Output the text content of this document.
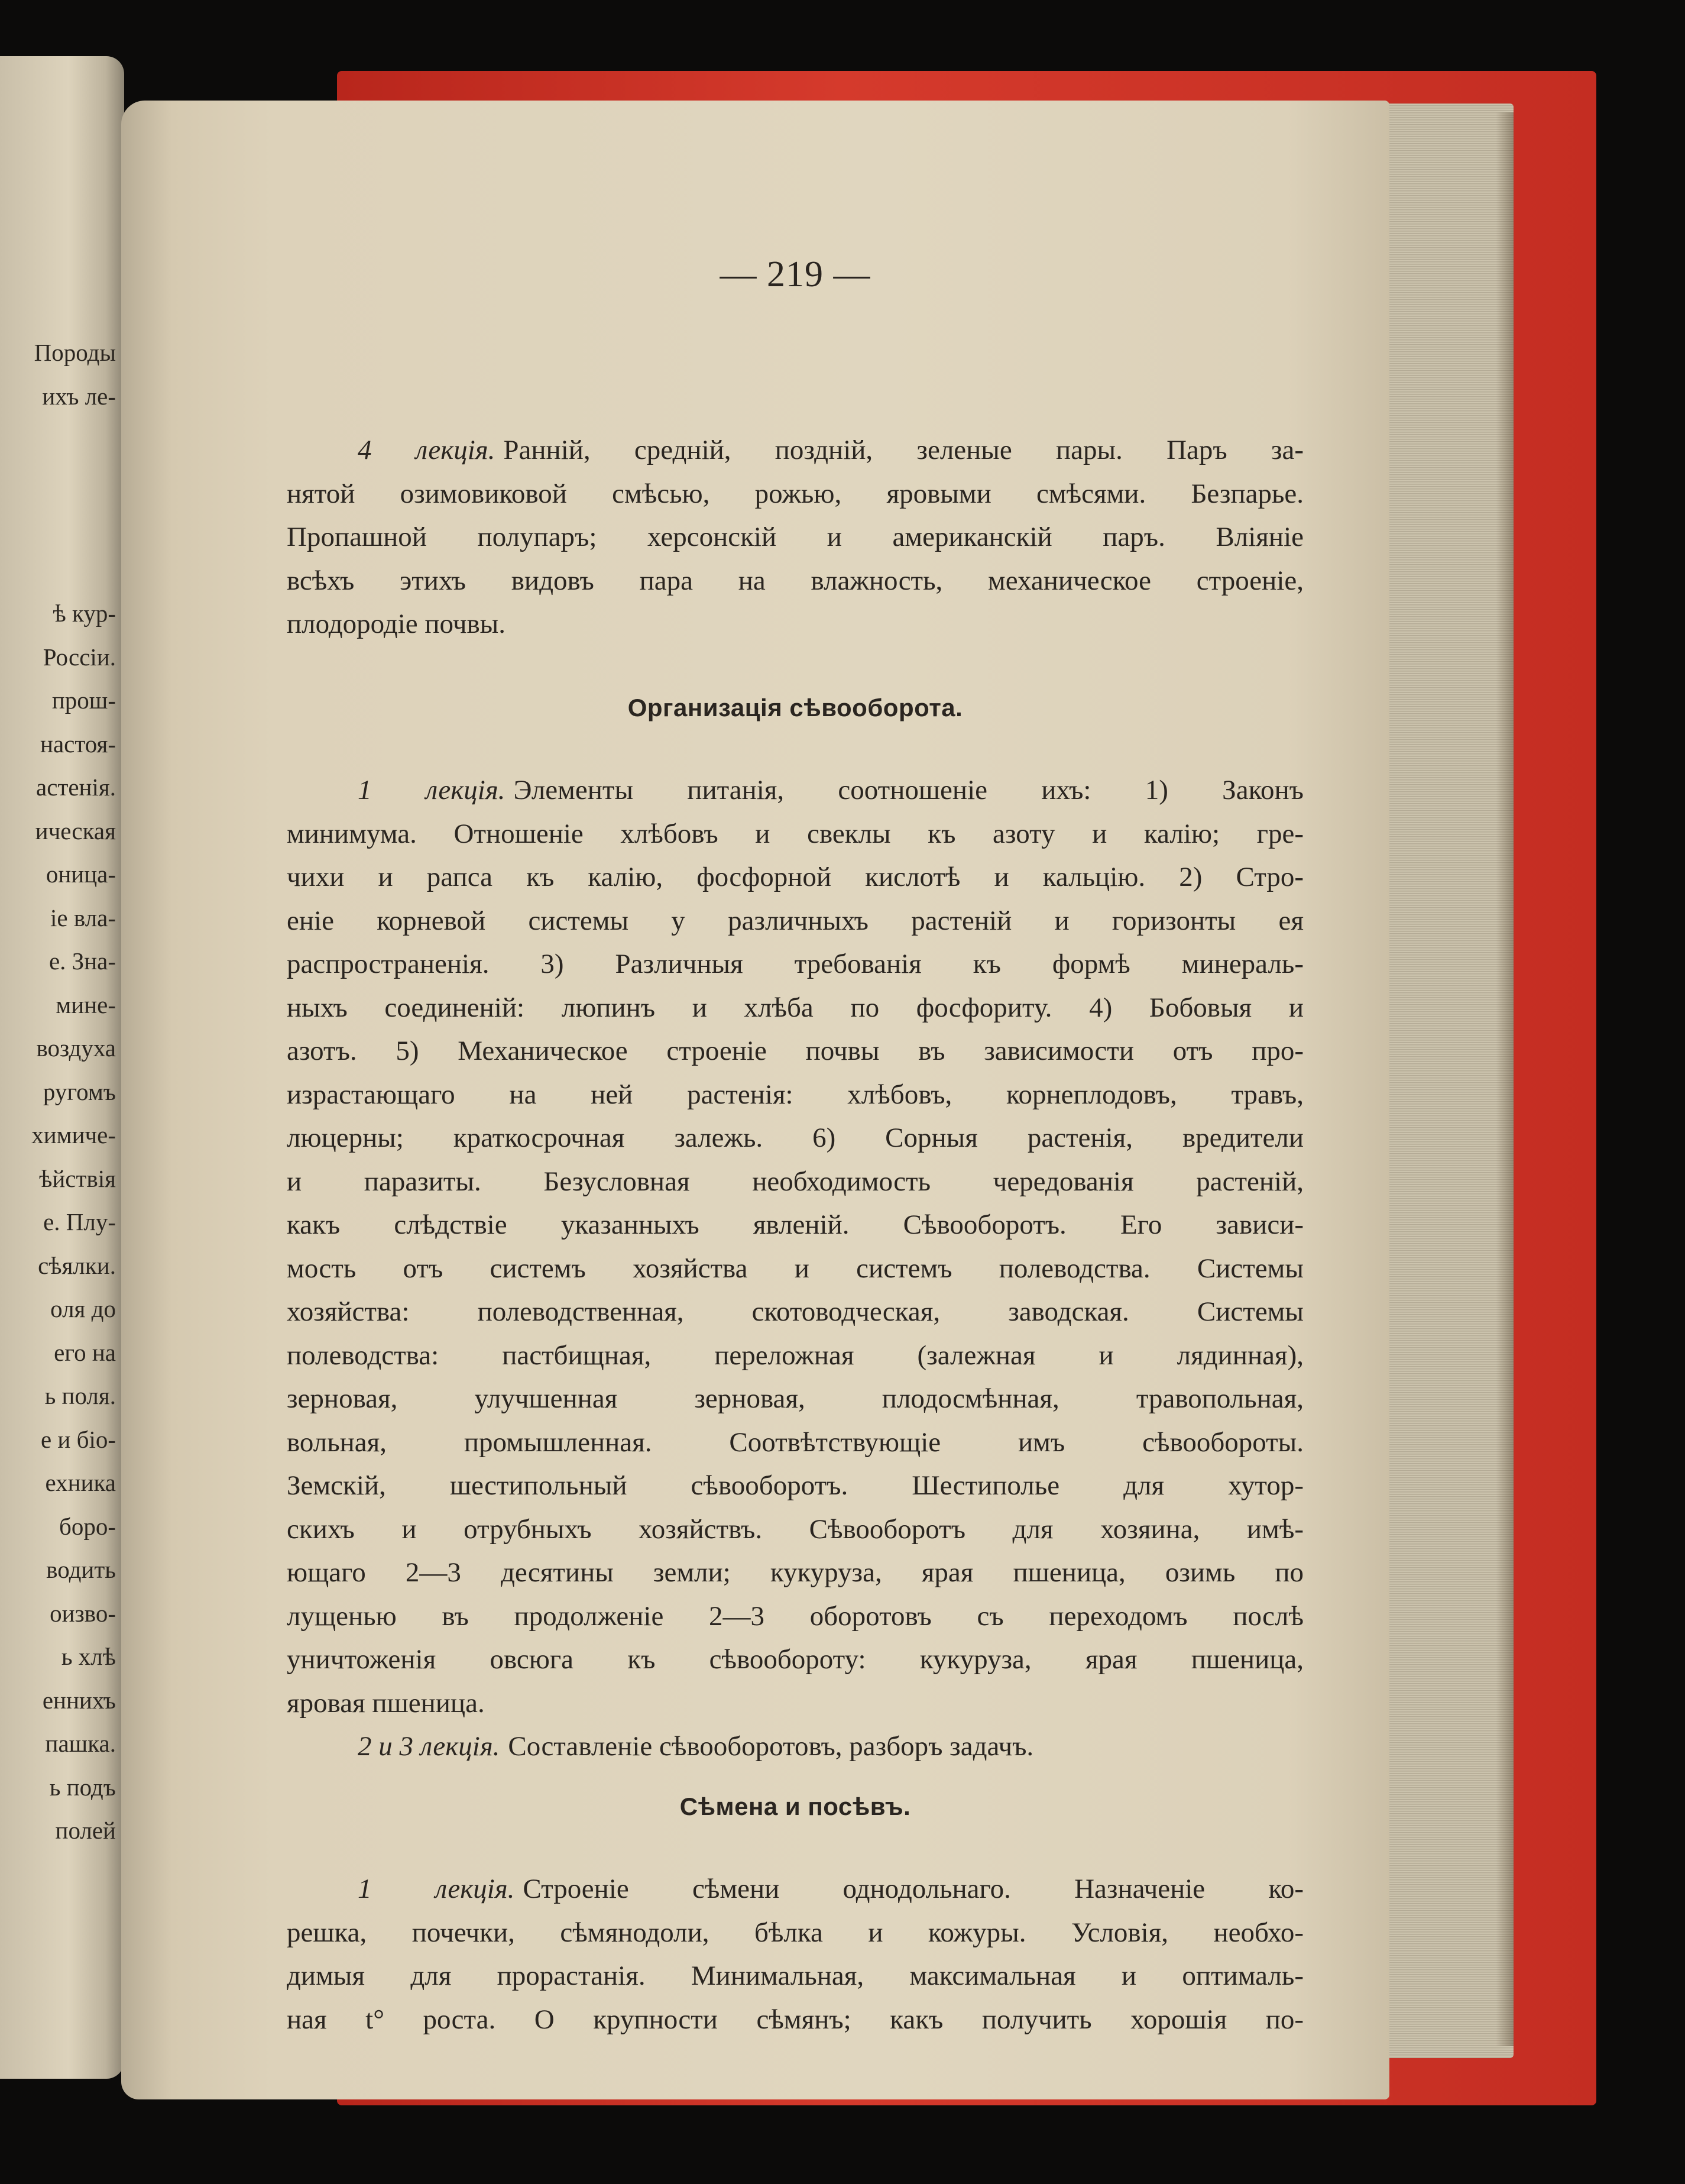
Породы
ихъ ле-
ѣ кур-
Россіи.
прош-
настоя-
астенія.
ическая
оница-
іе вла-
е. Зна-
мине-
воздуха
ругомъ
химиче-
ѣйствія
е. Плу-
сѣялки.
оля до
его на
ь поля.
е и біо-
ехника
боро-
водить
оизво-
ь хлѣ
еннихъ
пашка.
ь подъ
полей
— 219 —
4 лекція. Ранній, средній, поздній, зеленые пары. Паръ за-
нятой озимовиковой смѣсью, рожью, яровыми смѣсями. Безпарье.
Пропашной полупаръ; херсонскій и американскій паръ. Вліяніе
всѣхъ этихъ видовъ пара на влажность, механическое строеніе,
плодородіе почвы.
Организація сѣвооборота.
1 лекція. Элементы питанія, соотношеніе ихъ: 1) Законъ
минимума. Отношеніе хлѣбовъ и свеклы къ азоту и калію; гре-
чихи и рапса къ калію, фосфорной кислотѣ и кальцію. 2) Стро-
еніе корневой системы у различныхъ растеній и горизонты ея
распространенія. 3) Различныя требованія къ формѣ минераль-
ныхъ соединеній: люпинъ и хлѣба по фосфориту. 4) Бобовыя и
азотъ. 5) Механическое строеніе почвы въ зависимости отъ про-
израстающаго на ней растенія: хлѣбовъ, корнеплодовъ, травъ,
люцерны; краткосрочная залежь. 6) Сорныя растенія, вредители
и паразиты. Безусловная необходимость чередованія растеній,
какъ слѣдствіе указанныхъ явленій. Сѣвооборотъ. Его зависи-
мость отъ системъ хозяйства и системъ полеводства. Системы
хозяйства: полеводственная, скотоводческая, заводская. Системы
полеводства: пастбищная, переложная (залежная и лядинная),
зерновая, улучшенная зерновая, плодосмѣнная, травопольная,
вольная, промышленная. Соотвѣтствующіе имъ сѣвообороты.
Земскій, шестипольный сѣвооборотъ. Шестиполье для хутор-
скихъ и отрубныхъ хозяйствъ. Сѣвооборотъ для хозяина, имѣ-
ющаго 2—3 десятины земли; кукуруза, ярая пшеница, озимь по
лущенью въ продолженіе 2—3 оборотовъ съ переходомъ послѣ
уничтоженія овсюга къ сѣвообороту: кукуруза, ярая пшеница,
яровая пшеница.
2 и 3 лекція. Составленіе сѣвооборотовъ, разборъ задачъ.
Сѣмена и посѣвъ.
1 лекція. Строеніе сѣмени однодольнаго. Назначеніе ко-
решка, почечки, сѣмянодоли, бѣлка и кожуры. Условія, необхо-
димыя для прорастанія. Минимальная, максимальная и оптималь-
ная t° роста. О крупности сѣмянъ; какъ получить хорошія по-
